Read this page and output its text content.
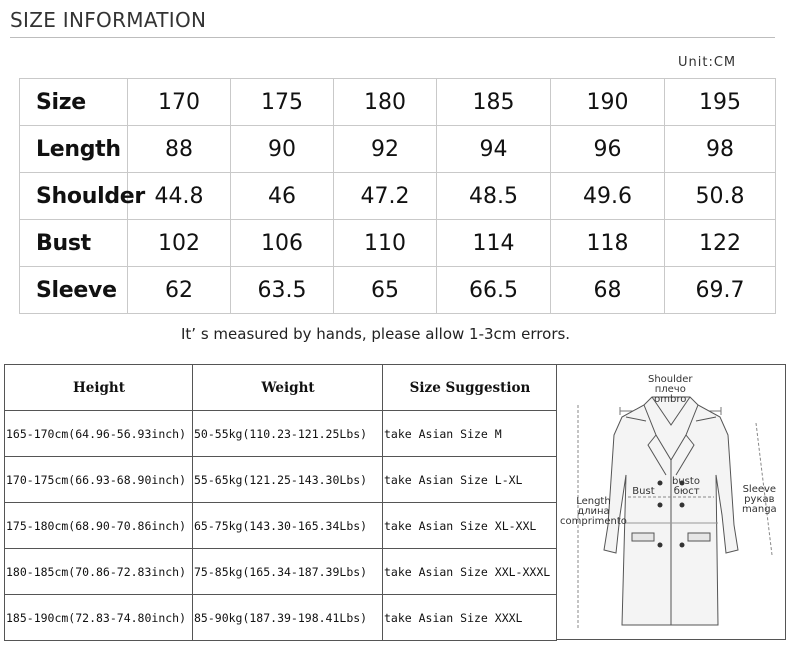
SIZE INFORMATION
Unit:CM
Size	170	175	180	185	190	195
Length	88	90	92	94	96	98
Shoulder	44.8	46	47.2	48.5	49.6	50.8
Bust	102	106	110	114	118	122
Sleeve	62	63.5	65	66.5	68	69.7
It’ s measured by hands, please allow 1-3cm errors.
Height	Weight	Size Suggestion
165-170cm(64.96-56.93inch)	50-55kg(110.23-121.25Lbs)	take Asian Size M
170-175cm(66.93-68.90inch)	55-65kg(121.25-143.30Lbs)	take Asian Size L-XL
175-180cm(68.90-70.86inch)	65-75kg(143.30-165.34Lbs)	take Asian Size XL-XXL
180-185cm(70.86-72.83inch)	75-85kg(165.34-187.39Lbs)	take Asian Size XXL-XXXL
185-190cm(72.83-74.80inch)	85-90kg(187.39-198.41Lbs)	take Asian Size XXXL
Shoulder
плечо
ombro
busto
Bust бюст
Length
длина
comprimento
Sleeve
рукав
manga
